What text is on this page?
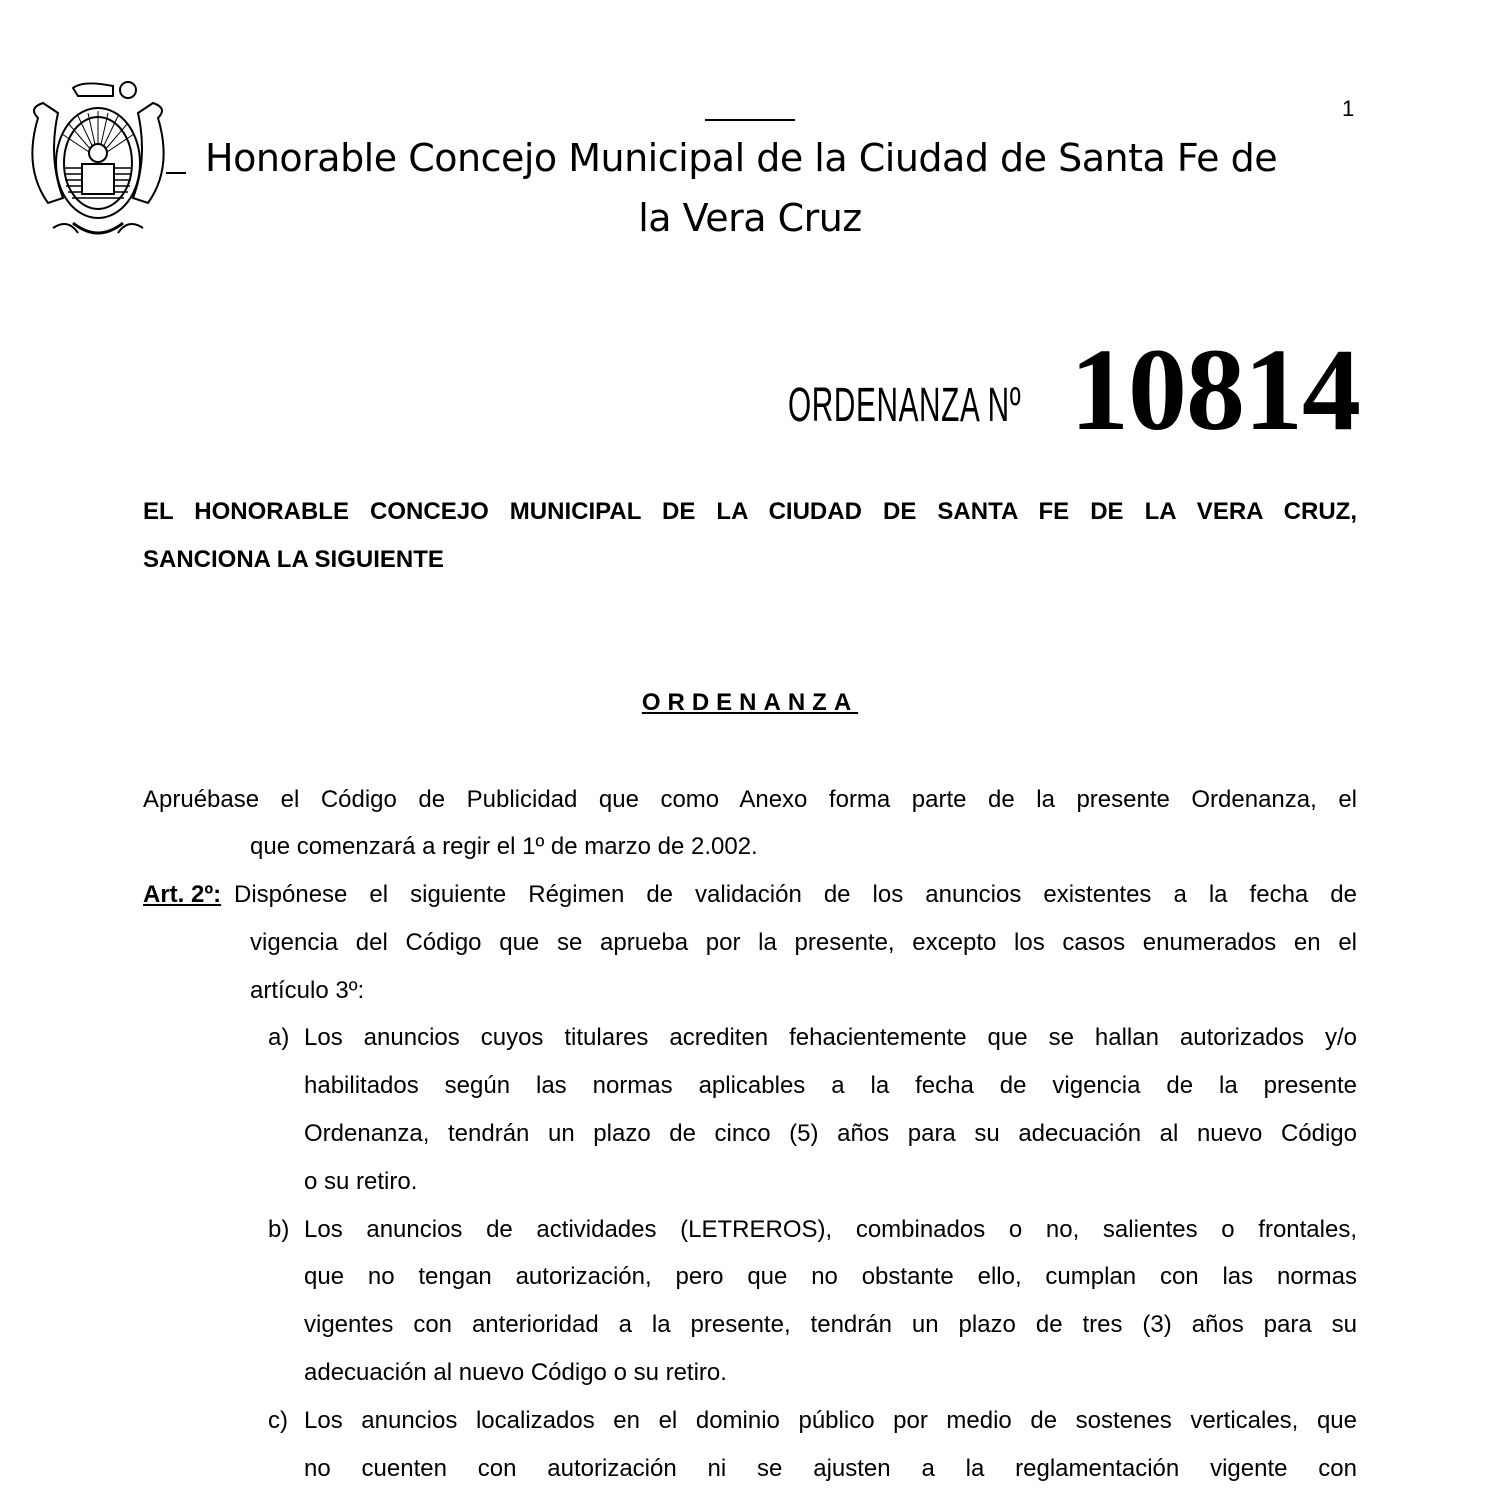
1
Honorable Concejo Municipal de la Ciudad de Santa Fe de
la Vera Cruz
ORDENANZA Nº 10814
EL HONORABLE CONCEJO MUNICIPAL DE LA CIUDAD DE SANTA FE DE LA VERA CRUZ,
SANCIONA LA SIGUIENTE
ORDENANZA
Apruébase el Código de Publicidad que como Anexo forma parte de la presente Ordenanza, el
que comenzará a regir el 1º de marzo de 2.002.
Art. 2º: Dispónese el siguiente Régimen de validación de los anuncios existentes a la fecha de
vigencia del Código que se aprueba por la presente, excepto los casos enumerados en el
artículo 3º:
a) Los anuncios cuyos titulares acrediten fehacientemente que se hallan autorizados y/o
habilitados según las normas aplicables a la fecha de vigencia de la presente
Ordenanza, tendrán un plazo de cinco (5) años para su adecuación al nuevo Código
o su retiro.
b) Los anuncios de actividades (LETREROS), combinados o no, salientes o frontales,
que no tengan autorización, pero que no obstante ello, cumplan con las normas
vigentes con anterioridad a la presente, tendrán un plazo de tres (3) años para su
adecuación al nuevo Código o su retiro.
c) Los anuncios localizados en el dominio público por medio de sostenes verticales, que
no cuenten con autorización ni se ajusten a la reglamentación vigente con
